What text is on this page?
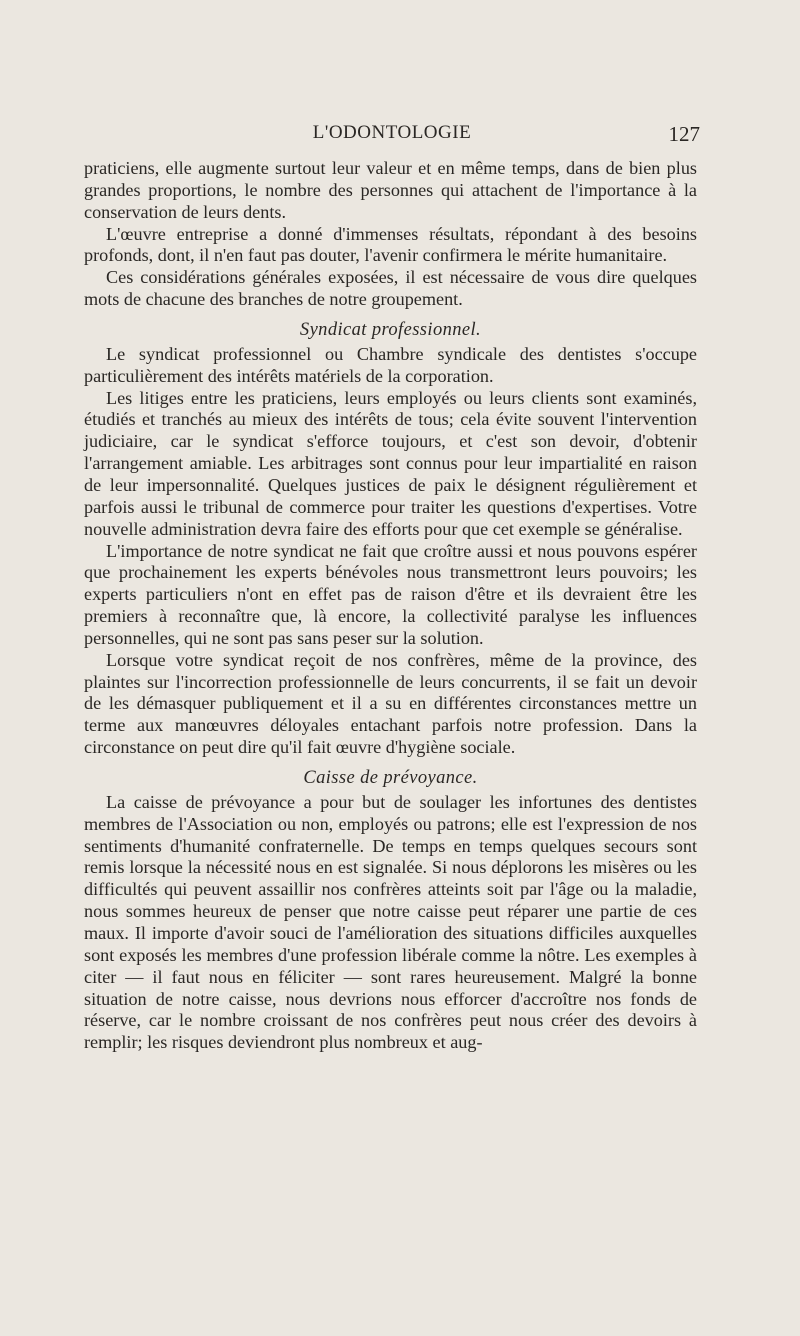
L'ODONTOLOGIE	127

praticiens, elle augmente surtout leur valeur et en même temps, dans de bien plus grandes proportions, le nombre des personnes qui attachent de l'importance à la conservation de leurs dents.

L'œuvre entreprise a donné d'immenses résultats, répondant à des besoins profonds, dont, il n'en faut pas douter, l'avenir confirmera le mérite humanitaire.

Ces considérations générales exposées, il est nécessaire de vous dire quelques mots de chacune des branches de notre groupement.

Syndicat professionnel.

Le syndicat professionnel ou Chambre syndicale des dentistes s'occupe particulièrement des intérêts matériels de la corporation.

Les litiges entre les praticiens, leurs employés ou leurs clients sont examinés, étudiés et tranchés au mieux des intérêts de tous; cela évite souvent l'intervention judiciaire, car le syndicat s'efforce toujours, et c'est son devoir, d'obtenir l'arrangement amiable. Les arbitrages sont connus pour leur impartialité en raison de leur impersonnalité. Quelques justices de paix le désignent régulièrement et parfois aussi le tribunal de commerce pour traiter les questions d'expertises. Votre nouvelle administration devra faire des efforts pour que cet exemple se généralise.

L'importance de notre syndicat ne fait que croître aussi et nous pouvons espérer que prochainement les experts bénévoles nous transmettront leurs pouvoirs; les experts particuliers n'ont en effet pas de raison d'être et ils devraient être les premiers à reconnaître que, là encore, la collectivité paralyse les influences personnelles, qui ne sont pas sans peser sur la solution.

Lorsque votre syndicat reçoit de nos confrères, même de la province, des plaintes sur l'incorrection professionnelle de leurs concurrents, il se fait un devoir de les démasquer publiquement et il a su en différentes circonstances mettre un terme aux manœuvres déloyales entachant parfois notre profession. Dans la circonstance on peut dire qu'il fait œuvre d'hygiène sociale.

Caisse de prévoyance.

La caisse de prévoyance a pour but de soulager les infortunes des dentistes membres de l'Association ou non, employés ou patrons; elle est l'expression de nos sentiments d'humanité confraternelle. De temps en temps quelques secours sont remis lorsque la nécessité nous en est signalée. Si nous déplorons les misères ou les difficultés qui peuvent assaillir nos confrères atteints soit par l'âge ou la maladie, nous sommes heureux de penser que notre caisse peut réparer une partie de ces maux. Il importe d'avoir souci de l'amélioration des situations difficiles auxquelles sont exposés les membres d'une profession libérale comme la nôtre. Les exemples à citer — il faut nous en féliciter — sont rares heureusement. Malgré la bonne situation de notre caisse, nous devrions nous efforcer d'accroître nos fonds de réserve, car le nombre croissant de nos confrères peut nous créer des devoirs à remplir; les risques deviendront plus nombreux et aug-
